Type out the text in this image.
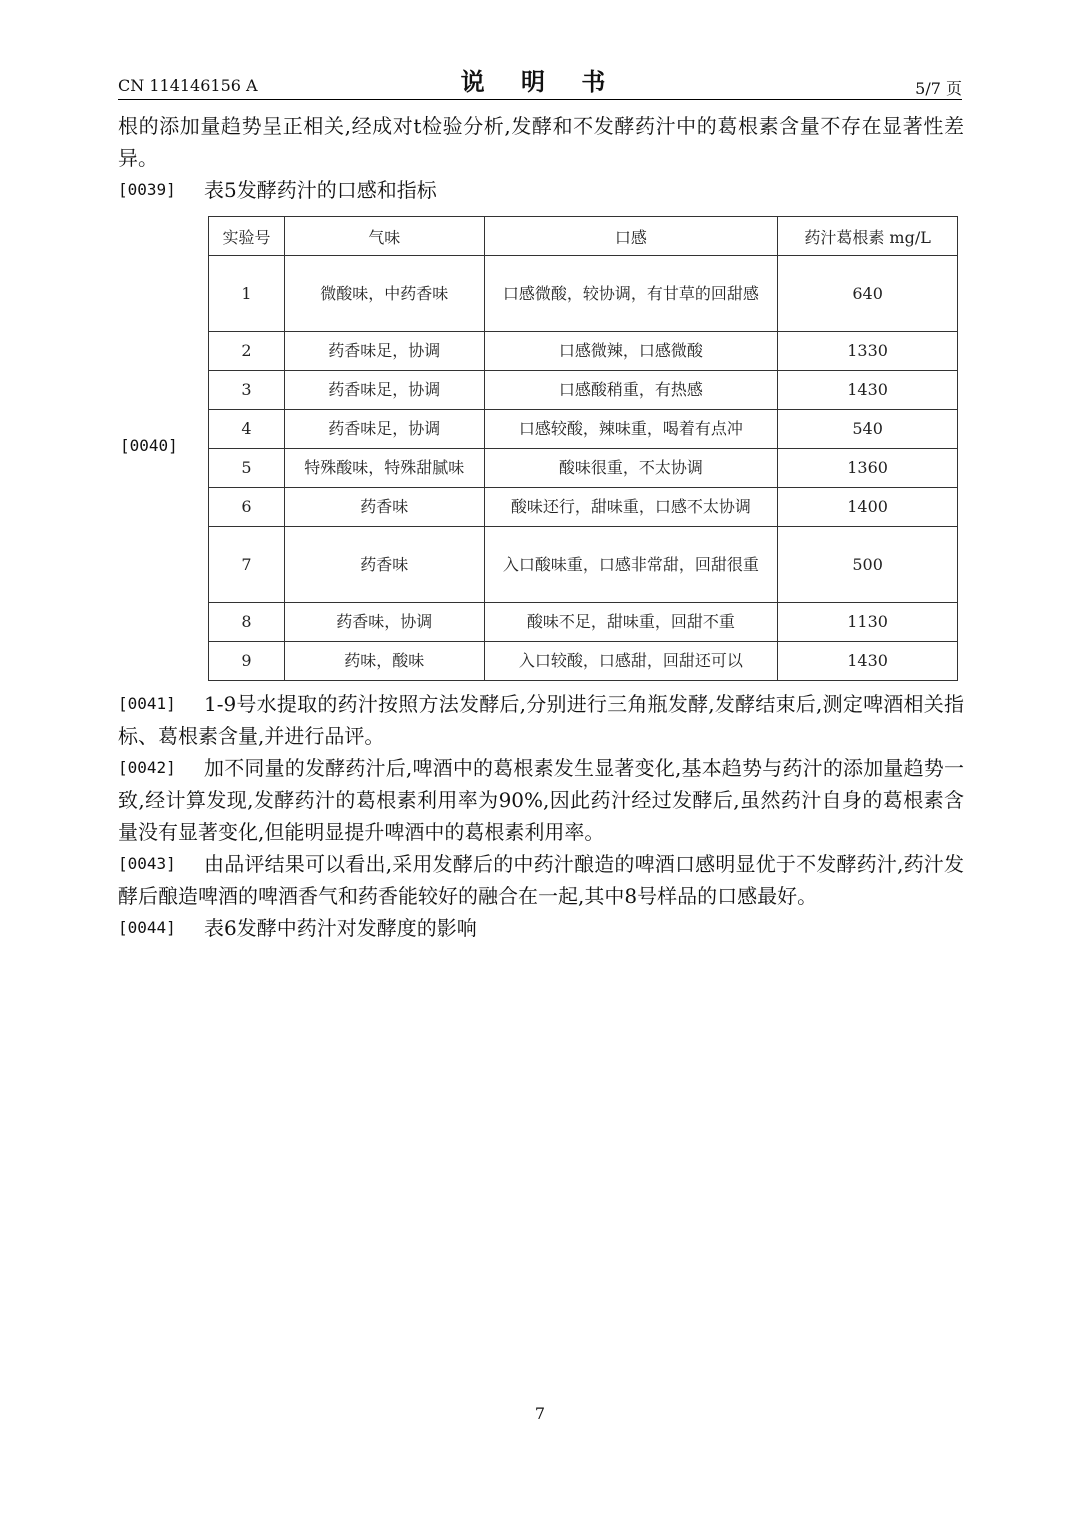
CN 114146156 A	说 明 书	5/7 页

根的添加量趋势呈正相关,经成对t检验分析,发酵和不发酵药汁中的葛根素含量不存在显著性差异。

[0039] 表5发酵药汁的口感和指标

[0040]
实验号	气味	口感	药汁葛根素 mg/L
1	微酸味，中药香味	口感微酸，较协调，有甘草的回甜感	640
2	药香味足，协调	口感微辣，口感微酸	1330
3	药香味足，协调	口感酸稍重，有热感	1430
4	药香味足，协调	口感较酸，辣味重，喝着有点冲	540
5	特殊酸味，特殊甜腻味	酸味很重，不太协调	1360
6	药香味	酸味还行，甜味重，口感不太协调	1400
7	药香味	入口酸味重，口感非常甜，回甜很重	500
8	药香味，协调	酸味不足，甜味重，回甜不重	1130
9	药味，酸味	入口较酸，口感甜，回甜还可以	1430
[0041]	1-9号水提取的药汁按照方法发酵后,分别进行三角瓶发酵,发酵结束后,测定啤酒相关指标、葛根素含量,并进行品评。

[0042]	加不同量的发酵药汁后,啤酒中的葛根素发生显著变化,基本趋势与药汁的添加量趋势一致,经计算发现,发酵药汁的葛根素利用率为90%,因此药汁经过发酵后,虽然药汁自身的葛根素含量没有显著变化,但能明显提升啤酒中的葛根素利用率。

[0043]	由品评结果可以看出,采用发酵后的中药汁酿造的啤酒口感明显优于不发酵药汁,药汁发酵后酿造啤酒的啤酒香气和药香能较好的融合在一起,其中8号样品的口感最好。

[0044]	表6发酵中药汁对发酵度的影响

7
